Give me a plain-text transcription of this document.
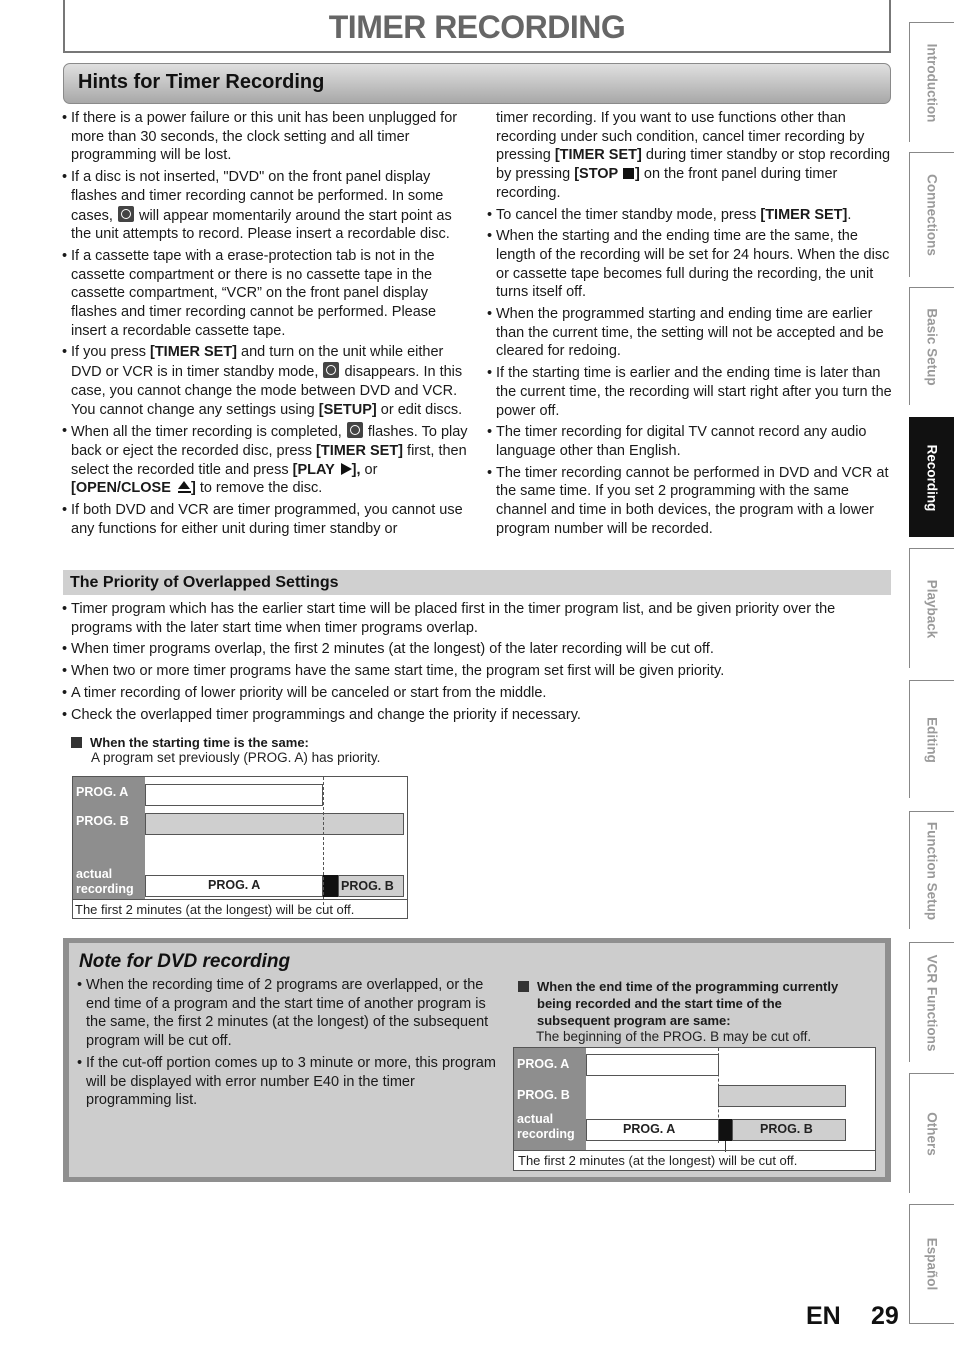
TIMER RECORDING
Hints for Timer Recording
• If there is a power failure or this unit has been unplugged for more than 30 seconds, the clock setting and all timer programming will be lost.
• If a disc is not inserted, "DVD" on the front panel display flashes and timer recording cannot be performed. In some cases, will appear momentarily around the start point as the unit attempts to record. Please insert a recordable disc.
• If a cassette tape with a erase-protection tab is not in the cassette compartment or there is no cassette tape in the cassette compartment, “VCR” on the front panel display flashes and timer recording cannot be performed. Please insert a recordable cassette tape.
• If you press [TIMER SET] and turn on the unit while either DVD or VCR is in timer standby mode, disappears. In this case, you cannot change the mode between DVD and VCR. You cannot change any settings using [SETUP] or edit discs.
• When all the timer recording is completed, flashes. To play back or eject the recorded disc, press [TIMER SET] first, then select the recorded title and press [PLAY ], or [OPEN/CLOSE ] to remove the disc.
• If both DVD and VCR are timer programmed, you cannot use any functions for either unit during timer standby or
timer recording. If you want to use functions other than recording under such condition, cancel timer recording by pressing [TIMER SET] during timer standby or stop recording by pressing [STOP ] on the front panel during timer recording.
• To cancel the timer standby mode, press [TIMER SET].
• When the starting and the ending time are the same, the length of the recording will be set for 24 hours. When the disc or cassette tape becomes full during the recording, the unit turns itself off.
• When the programmed starting and ending time are earlier than the current time, the setting will not be accepted and be cleared for redoing.
• If the starting time is earlier and the ending time is later than the current time, the recording will start right after you turn the power off.
• The timer recording for digital TV cannot record any audio language other than English.
• The timer recording cannot be performed in DVD and VCR at the same time. If you set 2 programming with the same channel and time in both devices, the program with a lower program number will be recorded.
The Priority of Overlapped Settings
• Timer program which has the earlier start time will be placed first in the timer program list, and be given priority over the programs with the later start time when timer programs overlap.
• When timer programs overlap, the first 2 minutes (at the longest) of the later recording will be cut off.
• When two or more timer programs have the same start time, the program set first will be given priority.
• A timer recording of lower priority will be canceled or start from the middle.
• Check the overlapped timer programmings and change the priority if necessary.
When the starting time is the same:
A program set previously (PROG. A) has priority.
PROG. A
PROG. B
actual recording	PROG. A	PROG. B
The first 2 minutes (at the longest) will be cut off.
Note for DVD recording
• When the recording time of 2 programs are overlapped, or the end time of a program and the start time of another program is the same, the first 2 minutes (at the longest) of the subsequent program will be cut off.
• If the cut-off portion comes up to 3 minute or more, this program will be displayed with error number E40 in the timer programming list.
When the end time of the programming currently being recorded and the start time of the subsequent program are same:
The beginning of the PROG. B may be cut off.
PROG. A
PROG. B
actual recording	PROG. A	PROG. B
The first 2 minutes (at the longest) will be cut off.
Introduction
Connections
Basic Setup
Recording
Playback
Editing
Function Setup
VCR Functions
Others
Español
EN 29
